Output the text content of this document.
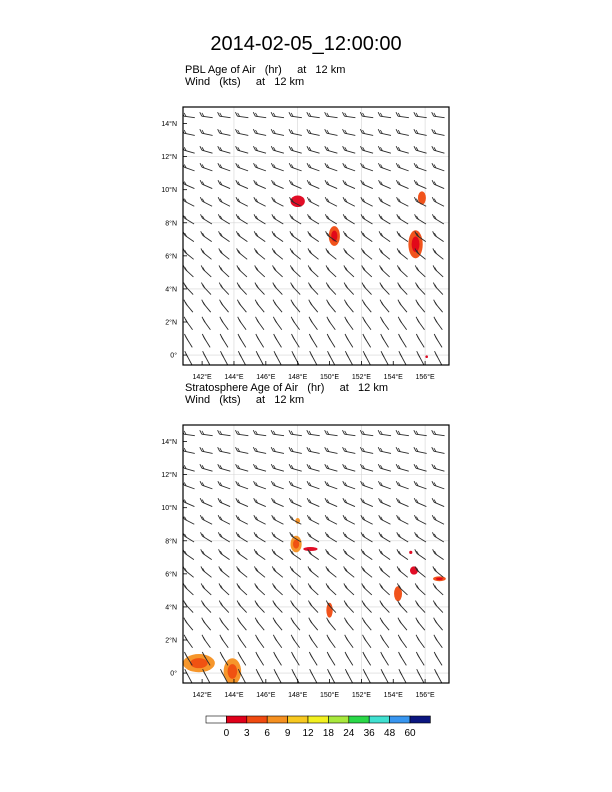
2014-02-05_12:00:00
PBL Age of Air   (hr)     at   12 km
Wind   (kts)     at   12 km
Stratosphere Age of Air   (hr)     at   12 km
Wind   (kts)     at   12 km
142°E 144°E 146°E 148°E 150°E 152°E 154°E 156°E
0°
2°N
4°N
6°N
8°N
10°N
12°N
14°N
142°E 144°E 146°E 148°E 150°E 152°E 154°E 156°E
0°
2°N
4°N
6°N
8°N
10°N
12°N
14°N
0 3 6 9 12 18 24 36 48 60
